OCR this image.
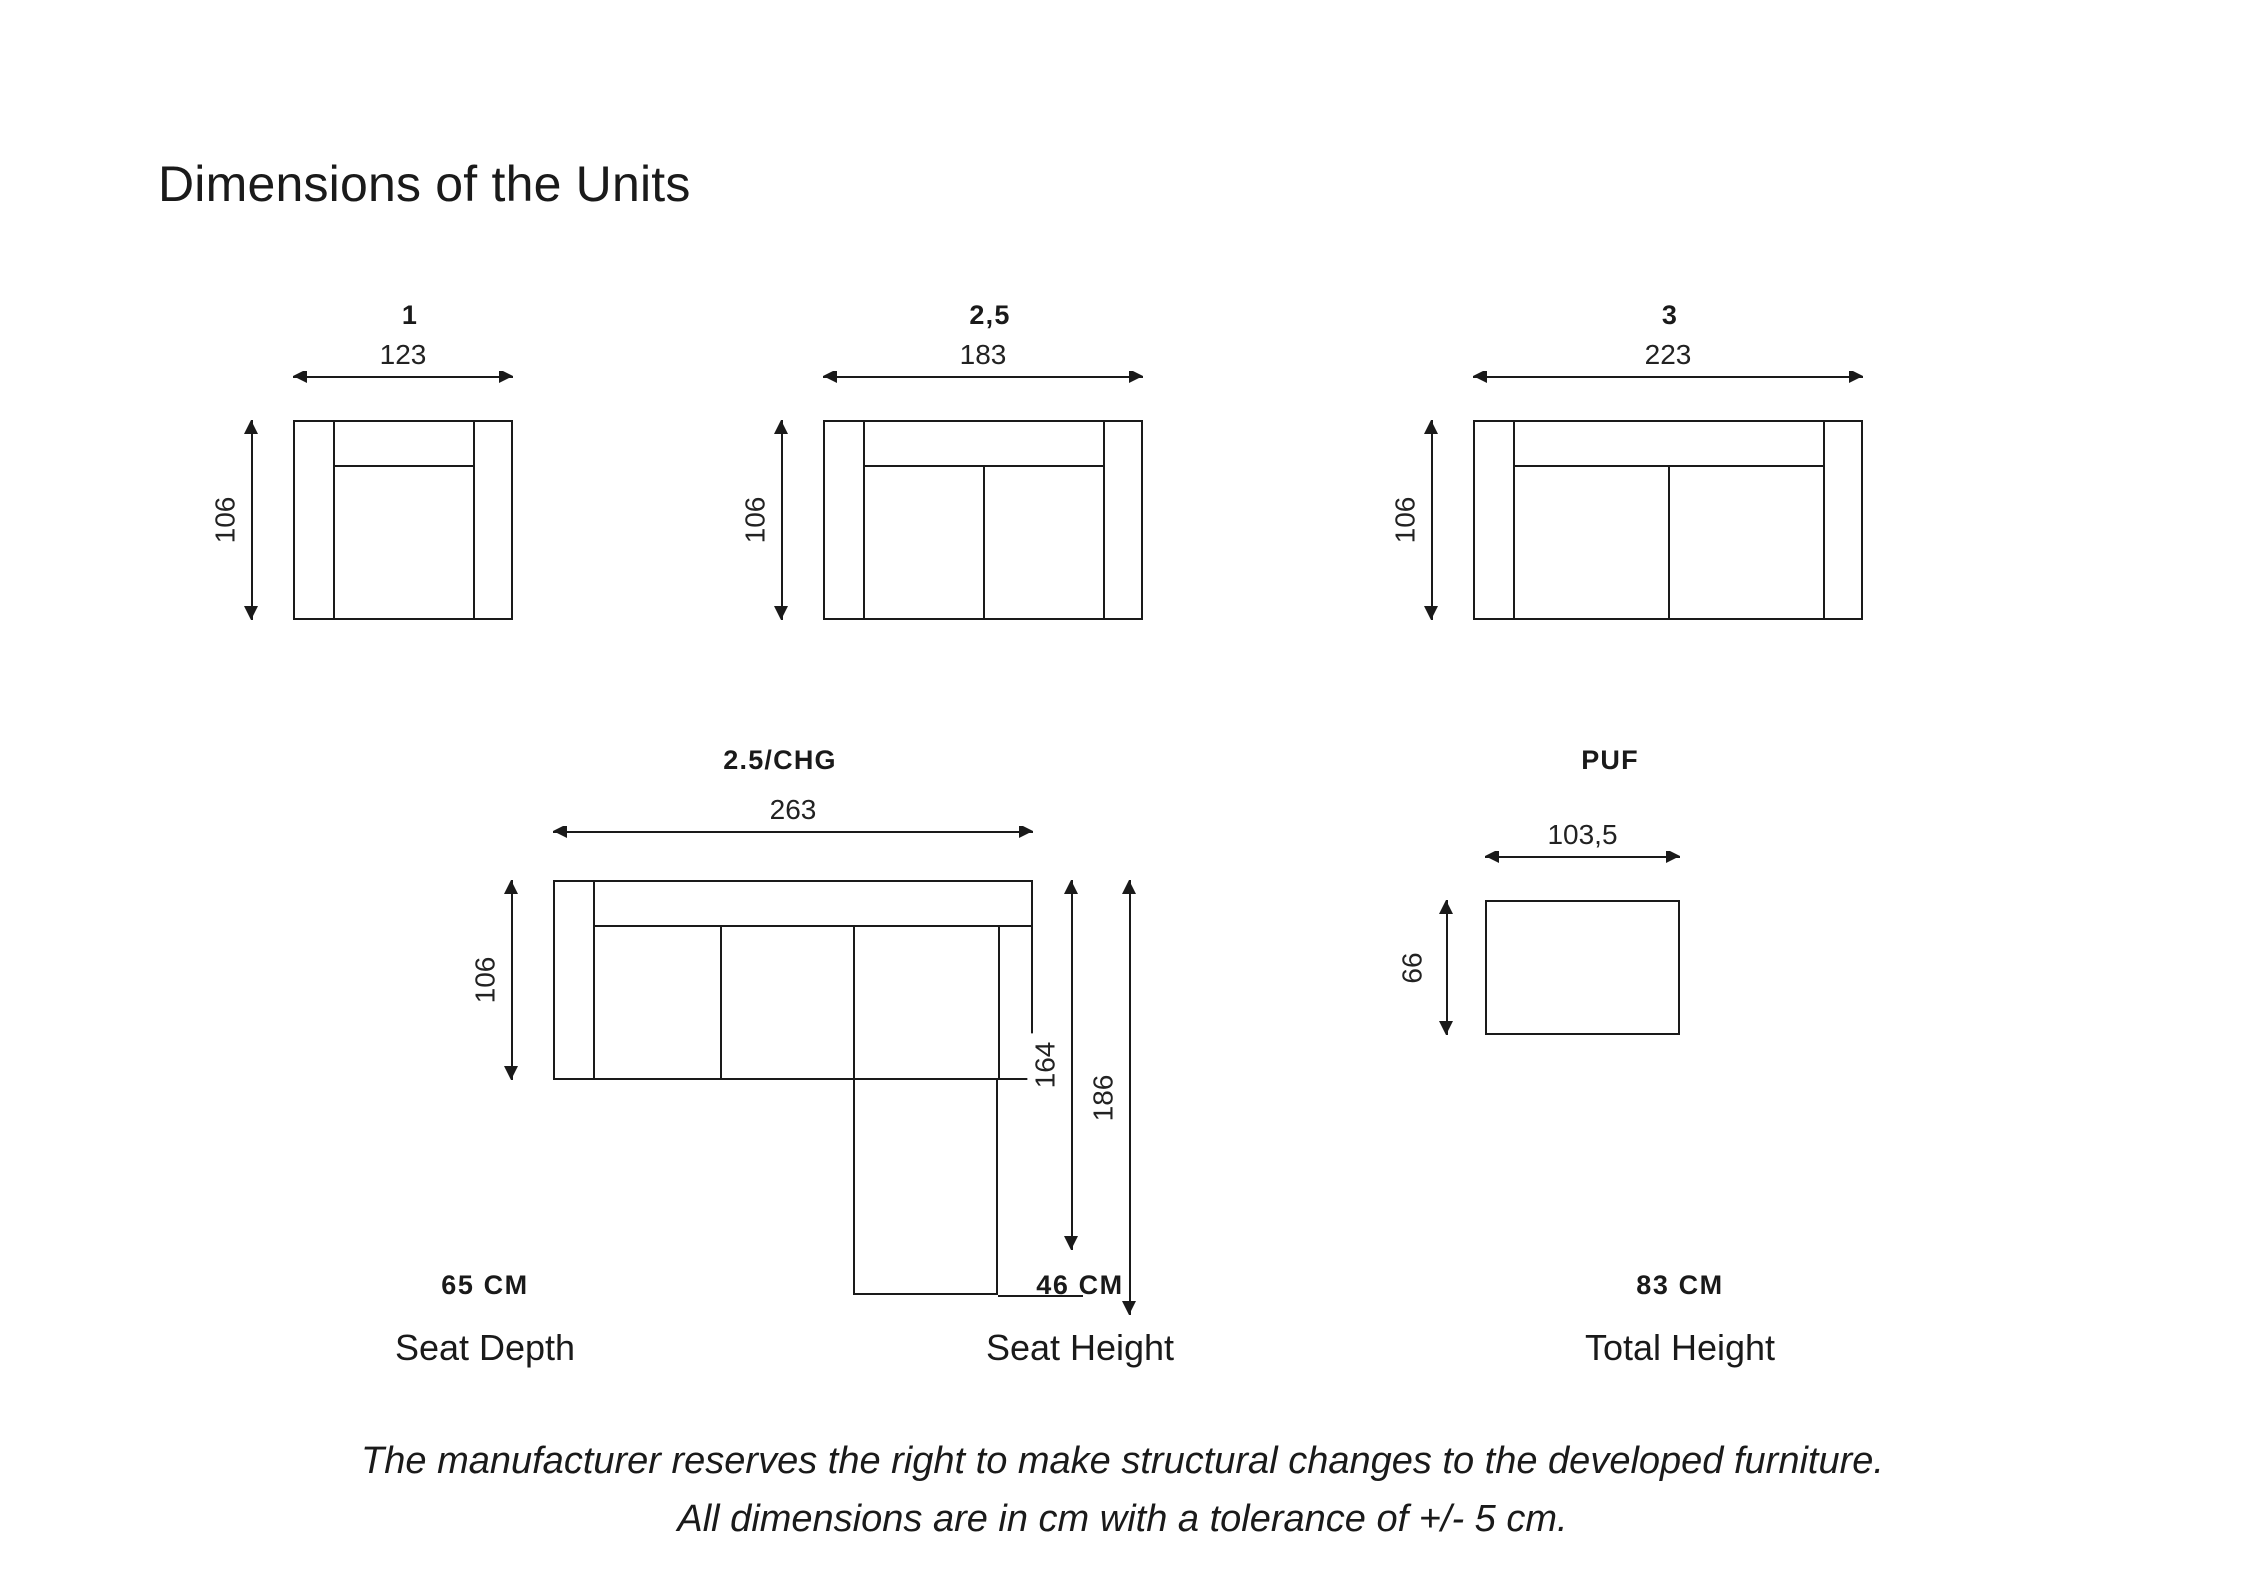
Dimensions of the Units
1
123
106
2,5
183
106
3
223
106
2.5/CHG
263
106
164
186
PUF
103,5
66
65 CM
Seat Depth
46 CM
Seat Height
83 CM
Total Height
The manufacturer reserves the right to make structural changes to the developed furniture.
All dimensions are in cm with a tolerance of +/- 5 cm.
